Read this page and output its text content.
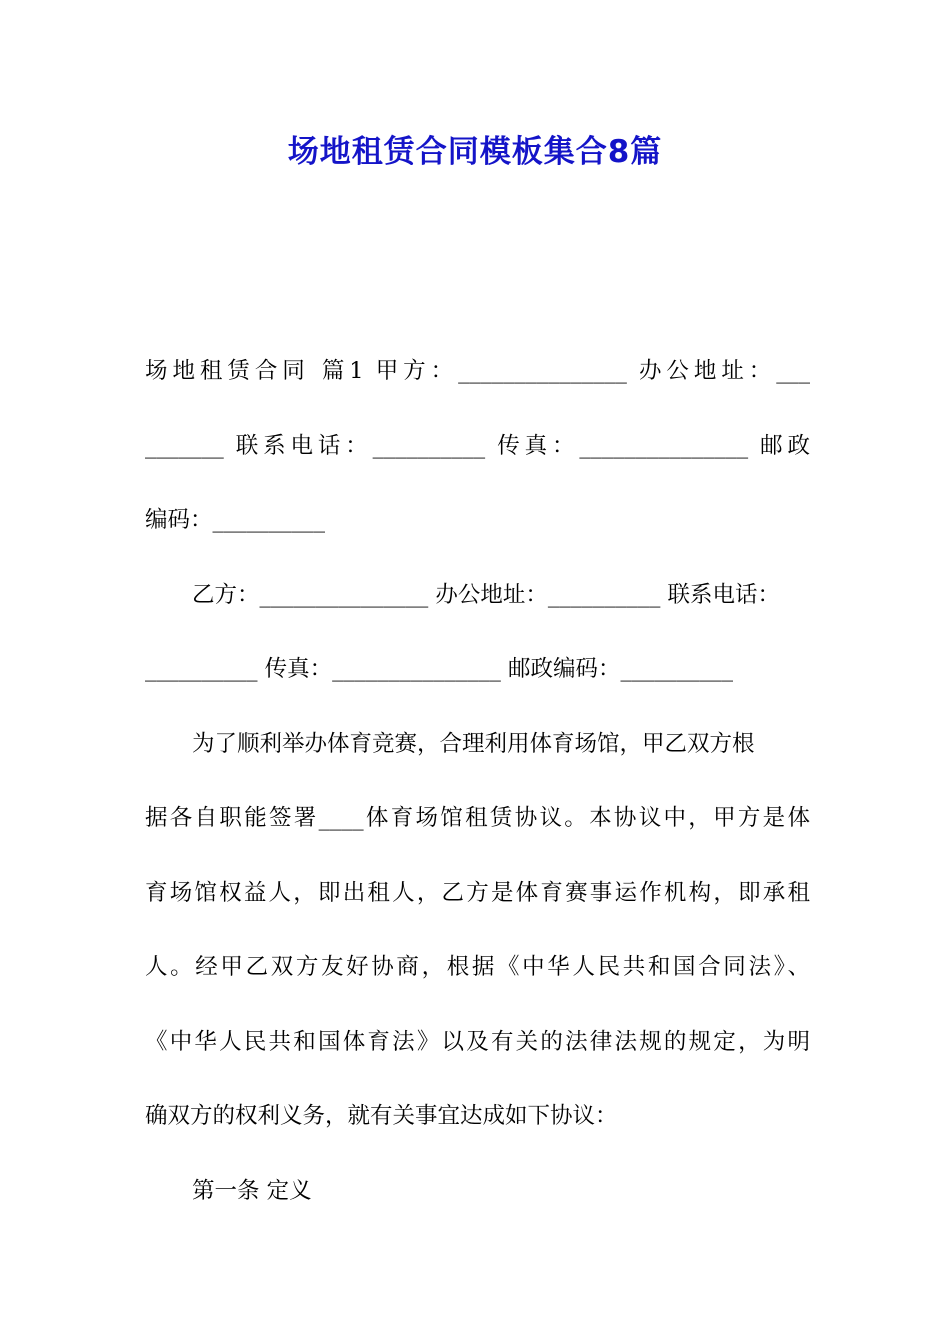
场地租赁合同模板集合8篇
场地租赁合同 篇1 甲方：_______________ 办公地址：___
_______ 联系电话：__________ 传真：_______________ 邮政
编码：__________
乙方：_______________ 办公地址：__________ 联系电话：
__________ 传真：_______________ 邮政编码：__________
为了顺利举办体育竞赛，合理利用体育场馆，甲乙双方根
据各自职能签署____体育场馆租赁协议。本协议中，甲方是体
育场馆权益人，即出租人，乙方是体育赛事运作机构，即承租
人。经甲乙双方友好协商，根据《中华人民共和国合同法》、
《中华人民共和国体育法》以及有关的法律法规的规定，为明
确双方的权利义务，就有关事宜达成如下协议：
第一条 定义
